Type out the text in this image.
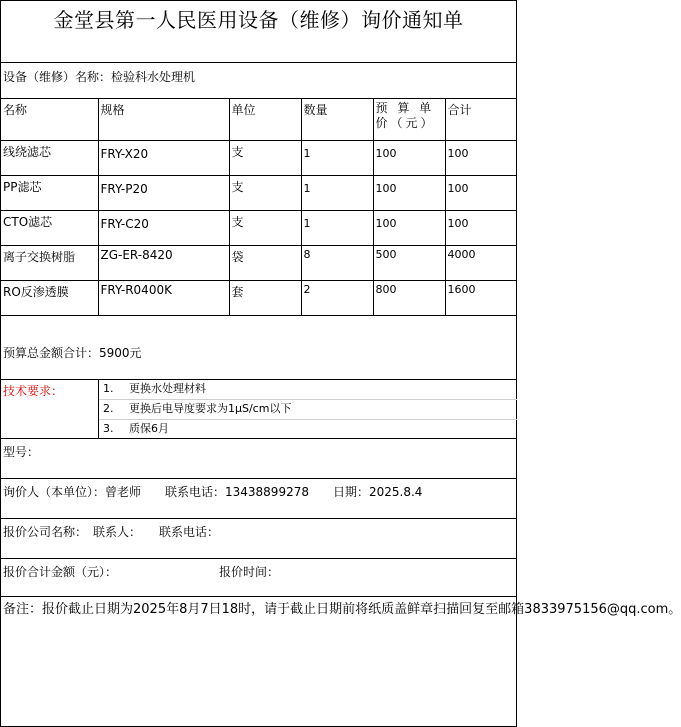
金堂县第一人民医用设备（维修）询价通知单
设备（维修）名称：检验科水处理机
名称	规格	单位	数量	预 算 单 价（元）	合计
线绕滤芯	FRY-X20	支	1	100	100
PP滤芯	FRY-P20	支	1	100	100
CTO滤芯	FRY-C20	支	1	100	100
离子交换树脂	ZG-ER-8420	袋	8	500	4000
RO反渗透膜	FRY-R0400K	套	2	800	1600
预算总金额合计：5900元
技术要求：	1. 更换水处理材料
2. 更换后电导度要求为1μS/cm以下
3. 质保6月
型号：
询价人（本单位）：曾老师　　联系电话：13438899278　　日期：2025.8.4
报价公司名称：　联系人：　　联系电话：
报价合计金额（元）：　　　　　　　　　报价时间：
备注：报价截止日期为2025年8月7日18时，请于截止日期前将纸质盖鲜章扫描回复至邮箱3833975156@qq.com。
